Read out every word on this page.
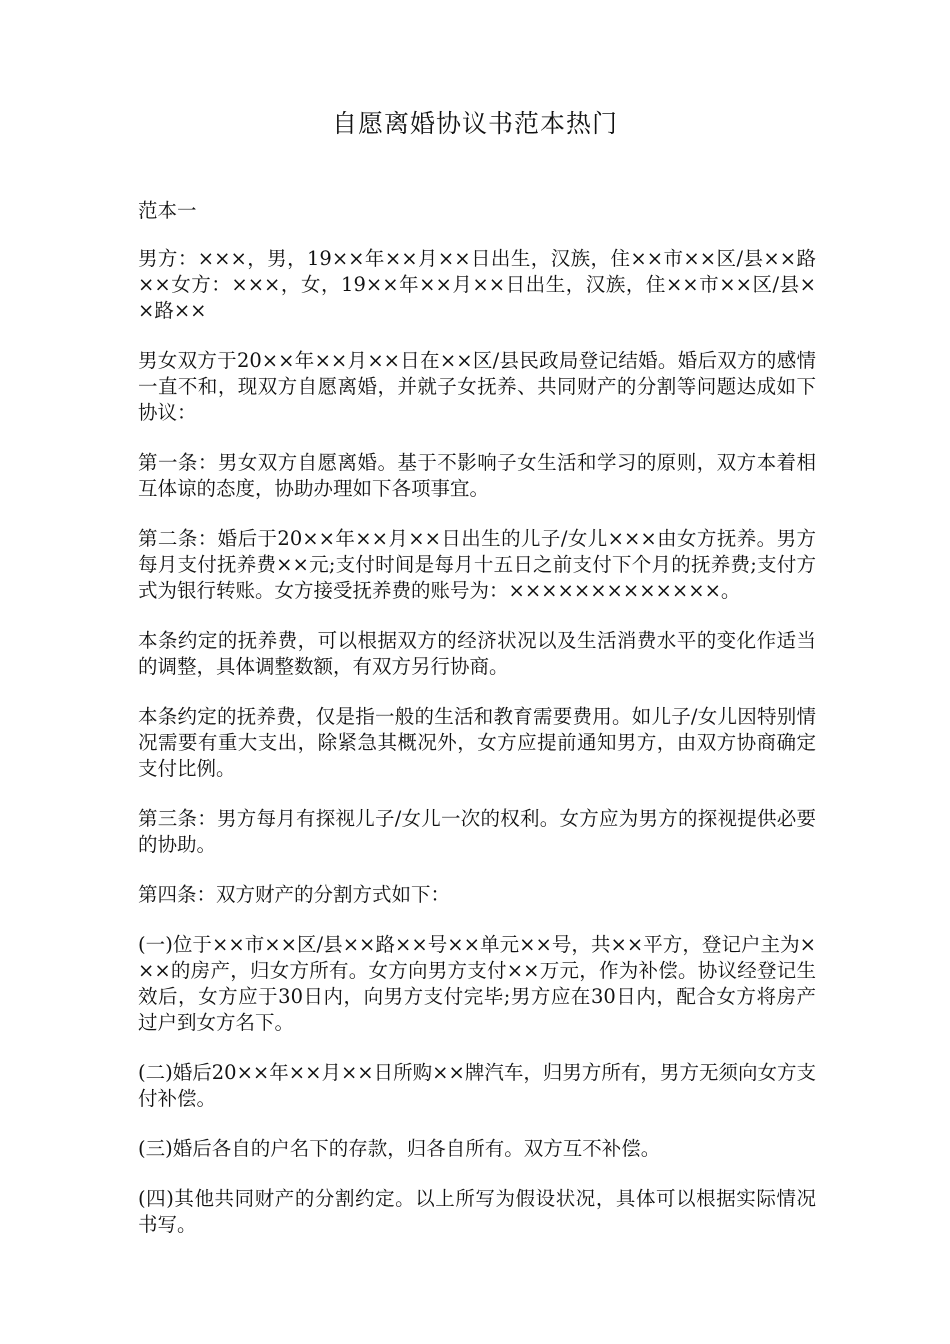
自愿离婚协议书范本热门

范本一

男方：×××，男，19××年××月××日出生，汉族，住××市××区/县××路××女方：×××，女，19××年××月××日出生，汉族，住××市××区/县××路××

男女双方于20××年××月××日在××区/县民政局登记结婚。婚后双方的感情一直不和，现双方自愿离婚，并就子女抚养、共同财产的分割等问题达成如下协议：

第一条：男女双方自愿离婚。基于不影响子女生活和学习的原则，双方本着相互体谅的态度，协助办理如下各项事宜。

第二条：婚后于20××年××月××日出生的儿子/女儿×××由女方抚养。男方每月支付抚养费××元;支付时间是每月十五日之前支付下个月的抚养费;支付方式为银行转账。女方接受抚养费的账号为：×××××××××××××。

本条约定的抚养费，可以根据双方的经济状况以及生活消费水平的变化作适当的调整，具体调整数额，有双方另行协商。

本条约定的抚养费，仅是指一般的生活和教育需要费用。如儿子/女儿因特别情况需要有重大支出，除紧急其概况外，女方应提前通知男方，由双方协商确定支付比例。

第三条：男方每月有探视儿子/女儿一次的权利。女方应为男方的探视提供必要的协助。

第四条：双方财产的分割方式如下：

(一)位于××市××区/县××路××号××单元××号，共××平方，登记户主为×××的房产，归女方所有。女方向男方支付××万元，作为补偿。协议经登记生效后，女方应于30日内，向男方支付完毕;男方应在30日内，配合女方将房产过户到女方名下。

(二)婚后20××年××月××日所购××牌汽车，归男方所有，男方无须向女方支付补偿。

(三)婚后各自的户名下的存款，归各自所有。双方互不补偿。

(四)其他共同财产的分割约定。以上所写为假设状况，具体可以根据实际情况书写。
